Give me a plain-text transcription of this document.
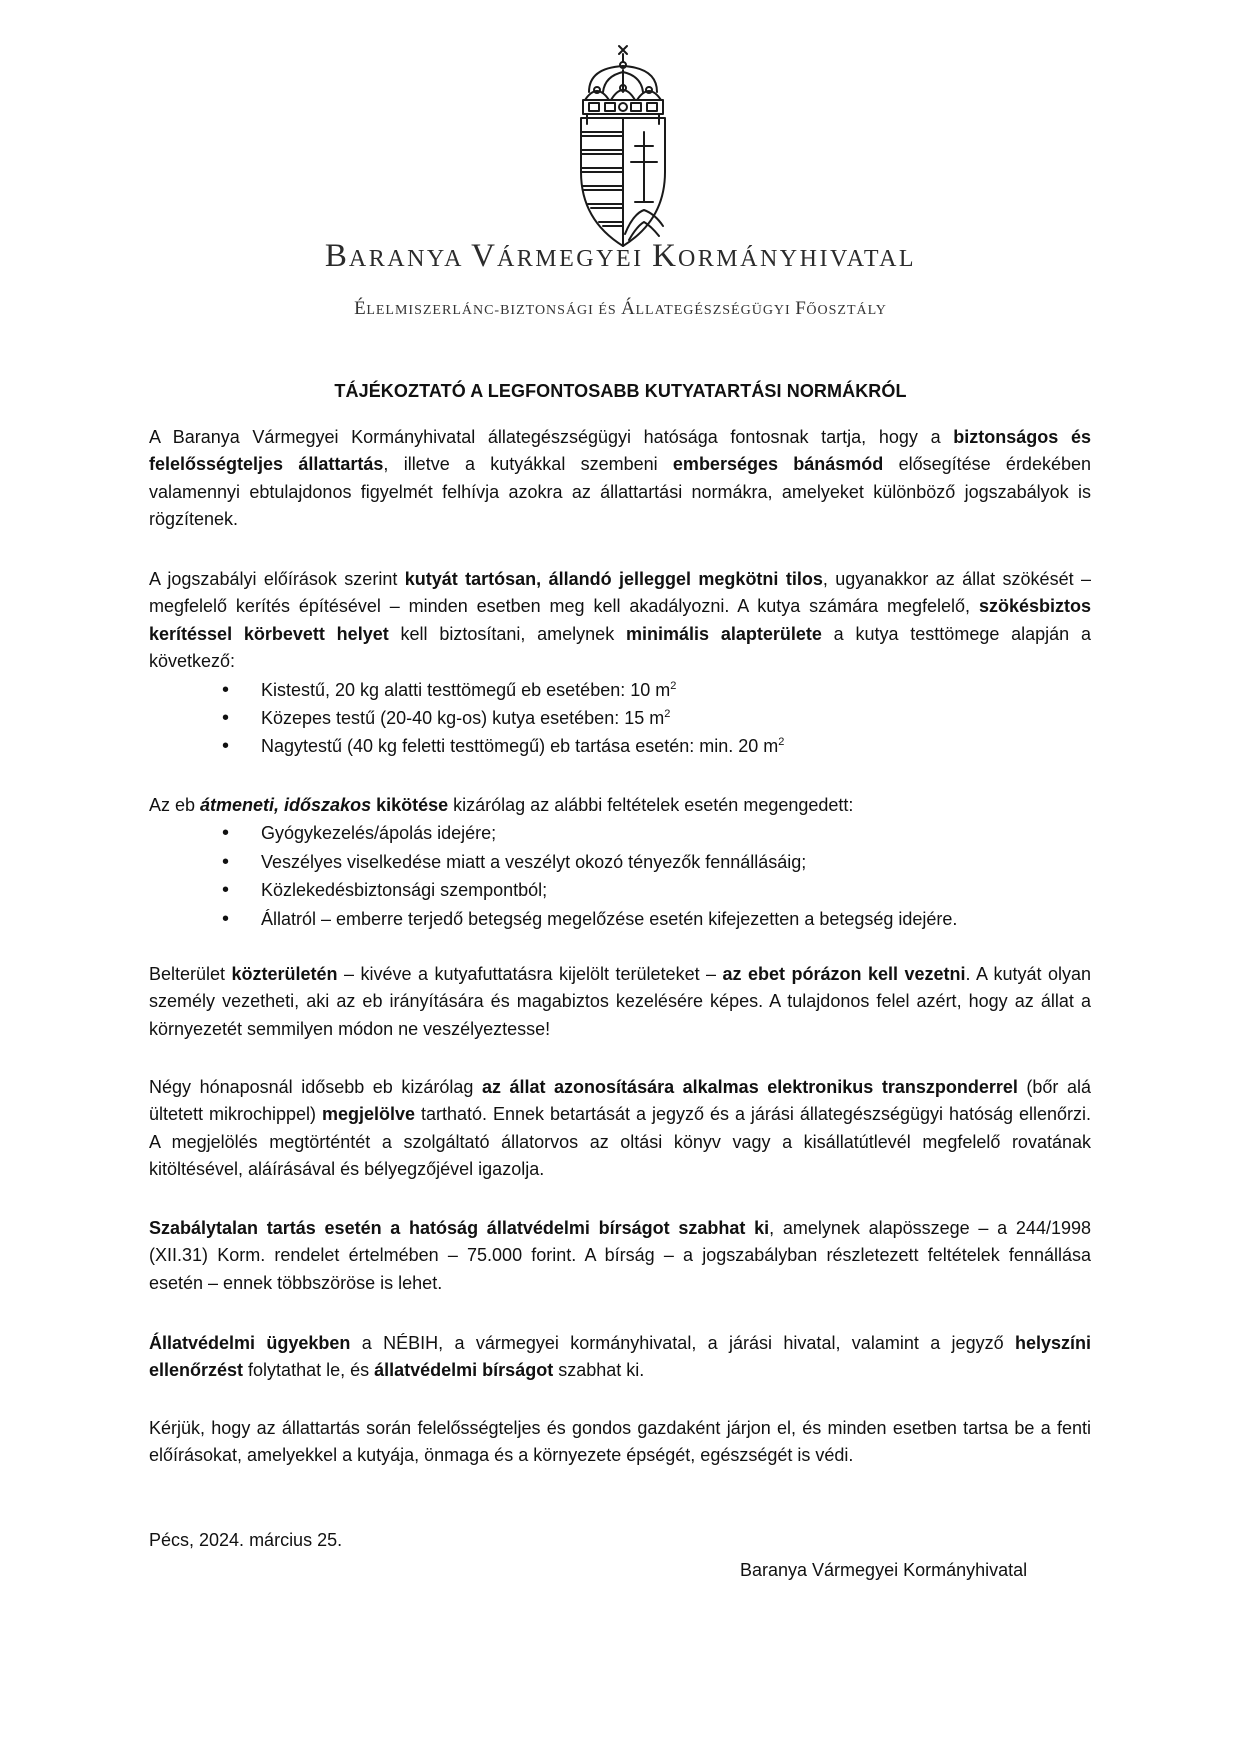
BARANYA VÁRMEGYEI KORMÁNYHIVATAL
ÉLELMISZERLÁNC-BIZTONSÁGI ÉS ÁLLATEGÉSZSÉGÜGYI FŐOSZTÁLY
TÁJÉKOZTATÓ A LEGFONTOSABB KUTYATARTÁSI NORMÁKRÓL

A Baranya Vármegyei Kormányhivatal állategészségügyi hatósága fontosnak tartja, hogy a biztonságos és felelősségteljes állattartás, illetve a kutyákkal szembeni emberséges bánásmód elősegítése érdekében valamennyi ebtulajdonos figyelmét felhívja azokra az állattartási normákra, amelyeket különböző jogszabályok is rögzítenek.

A jogszabályi előírások szerint kutyát tartósan, állandó jelleggel megkötni tilos, ugyanakkor az állat szökését – megfelelő kerítés építésével – minden esetben meg kell akadályozni. A kutya számára megfelelő, szökésbiztos kerítéssel körbevett helyet kell biztosítani, amelynek minimális alapterülete a kutya testtömege alapján a következő:

• Kistestű, 20 kg alatti testtömegű eb esetében: 10 $m^2$
• Közepes testű (20-40 kg-os) kutya esetében: 15 $m^2$
• Nagytestű (40 kg feletti testtömegű) eb tartása esetén: min. 20 $m^2$

Az eb átmeneti, időszakos kikötése kizárólag az alábbi feltételek esetén megengedett:

• Gyógykezelés/ápolás idejére;
• Veszélyes viselkedése miatt a veszélyt okozó tényezők fennállásáig;
• Közlekedésbiztonsági szempontból;
• Állatról – emberre terjedő betegség megelőzése esetén kifejezetten a betegség idejére.

Belterület közterületén – kivéve a kutyafuttatásra kijelölt területeket – az ebet pórázon kell vezetni. A kutyát olyan személy vezetheti, aki az eb irányítására és magabiztos kezelésére képes. A tulajdonos felel azért, hogy az állat a környezetét semmilyen módon ne veszélyeztesse!

Négy hónaposnál idősebb eb kizárólag az állat azonosítására alkalmas elektronikus transzponderrel (bőr alá ültetett mikrochippel) megjelölve tartható. Ennek betartását a jegyző és a járási állategészségügyi hatóság ellenőrzi. A megjelölés megtörténtét a szolgáltató állatorvos az oltási könyv vagy a kisállatútlevél megfelelő rovatának kitöltésével, aláírásával és bélyegzőjével igazolja.

Szabálytalan tartás esetén a hatóság állatvédelmi bírságot szabhat ki, amelynek alapösszege – a 244/1998 (XII.31) Korm. rendelet értelmében – 75.000 forint. A bírság – a jogszabályban részletezett feltételek fennállása esetén – ennek többszöröse is lehet.

Állatvédelmi ügyekben a NÉBIH, a vármegyei kormányhivatal, a járási hivatal, valamint a jegyző helyszíni ellenőrzést folytathat le, és állatvédelmi bírságot szabhat ki.

Kérjük, hogy az állattartás során felelősségteljes és gondos gazdaként járjon el, és minden esetben tartsa be a fenti előírásokat, amelyekkel a kutyája, önmaga és a környezete épségét, egészségét is védi.

Pécs, 2024. március 25.
Baranya Vármegyei Kormányhivatal
